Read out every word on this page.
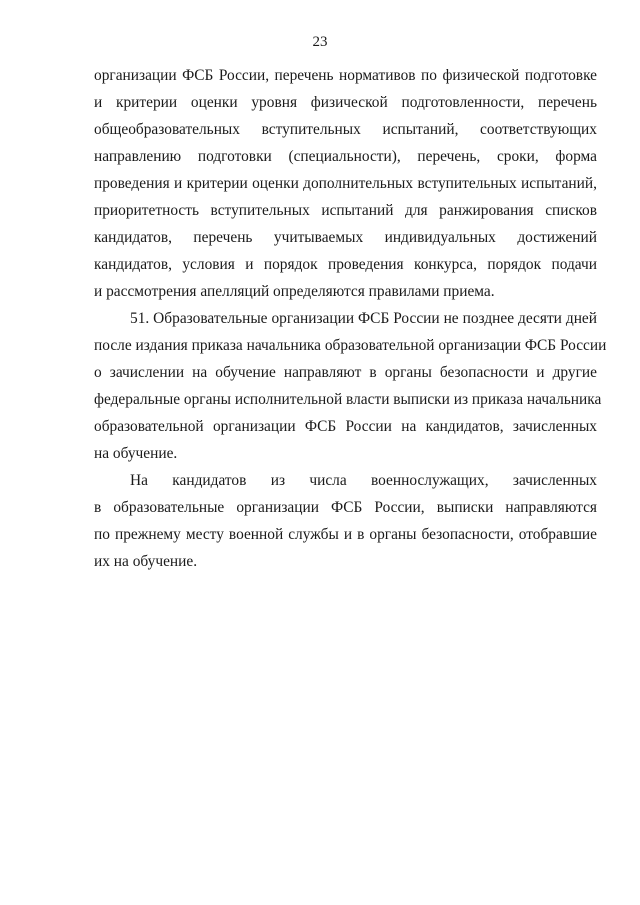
23
организации ФСБ России, перечень нормативов по физической подготовке
и критерии оценки уровня физической подготовленности, перечень
общеобразовательных вступительных испытаний, соответствующих
направлению подготовки (специальности), перечень, сроки, форма
проведения и критерии оценки дополнительных вступительных испытаний,
приоритетность вступительных испытаний для ранжирования списков
кандидатов, перечень учитываемых индивидуальных достижений
кандидатов, условия и порядок проведения конкурса, порядок подачи
и рассмотрения апелляций определяются правилами приема.
51. Образовательные организации ФСБ России не позднее десяти дней
после издания приказа начальника образовательной организации ФСБ России
о зачислении на обучение направляют в органы безопасности и другие
федеральные органы исполнительной власти выписки из приказа начальника
образовательной организации ФСБ России на кандидатов, зачисленных
на обучение.
На кандидатов из числа военнослужащих, зачисленных
в образовательные организации ФСБ России, выписки направляются
по прежнему месту военной службы и в органы безопасности, отобравшие
их на обучение.
